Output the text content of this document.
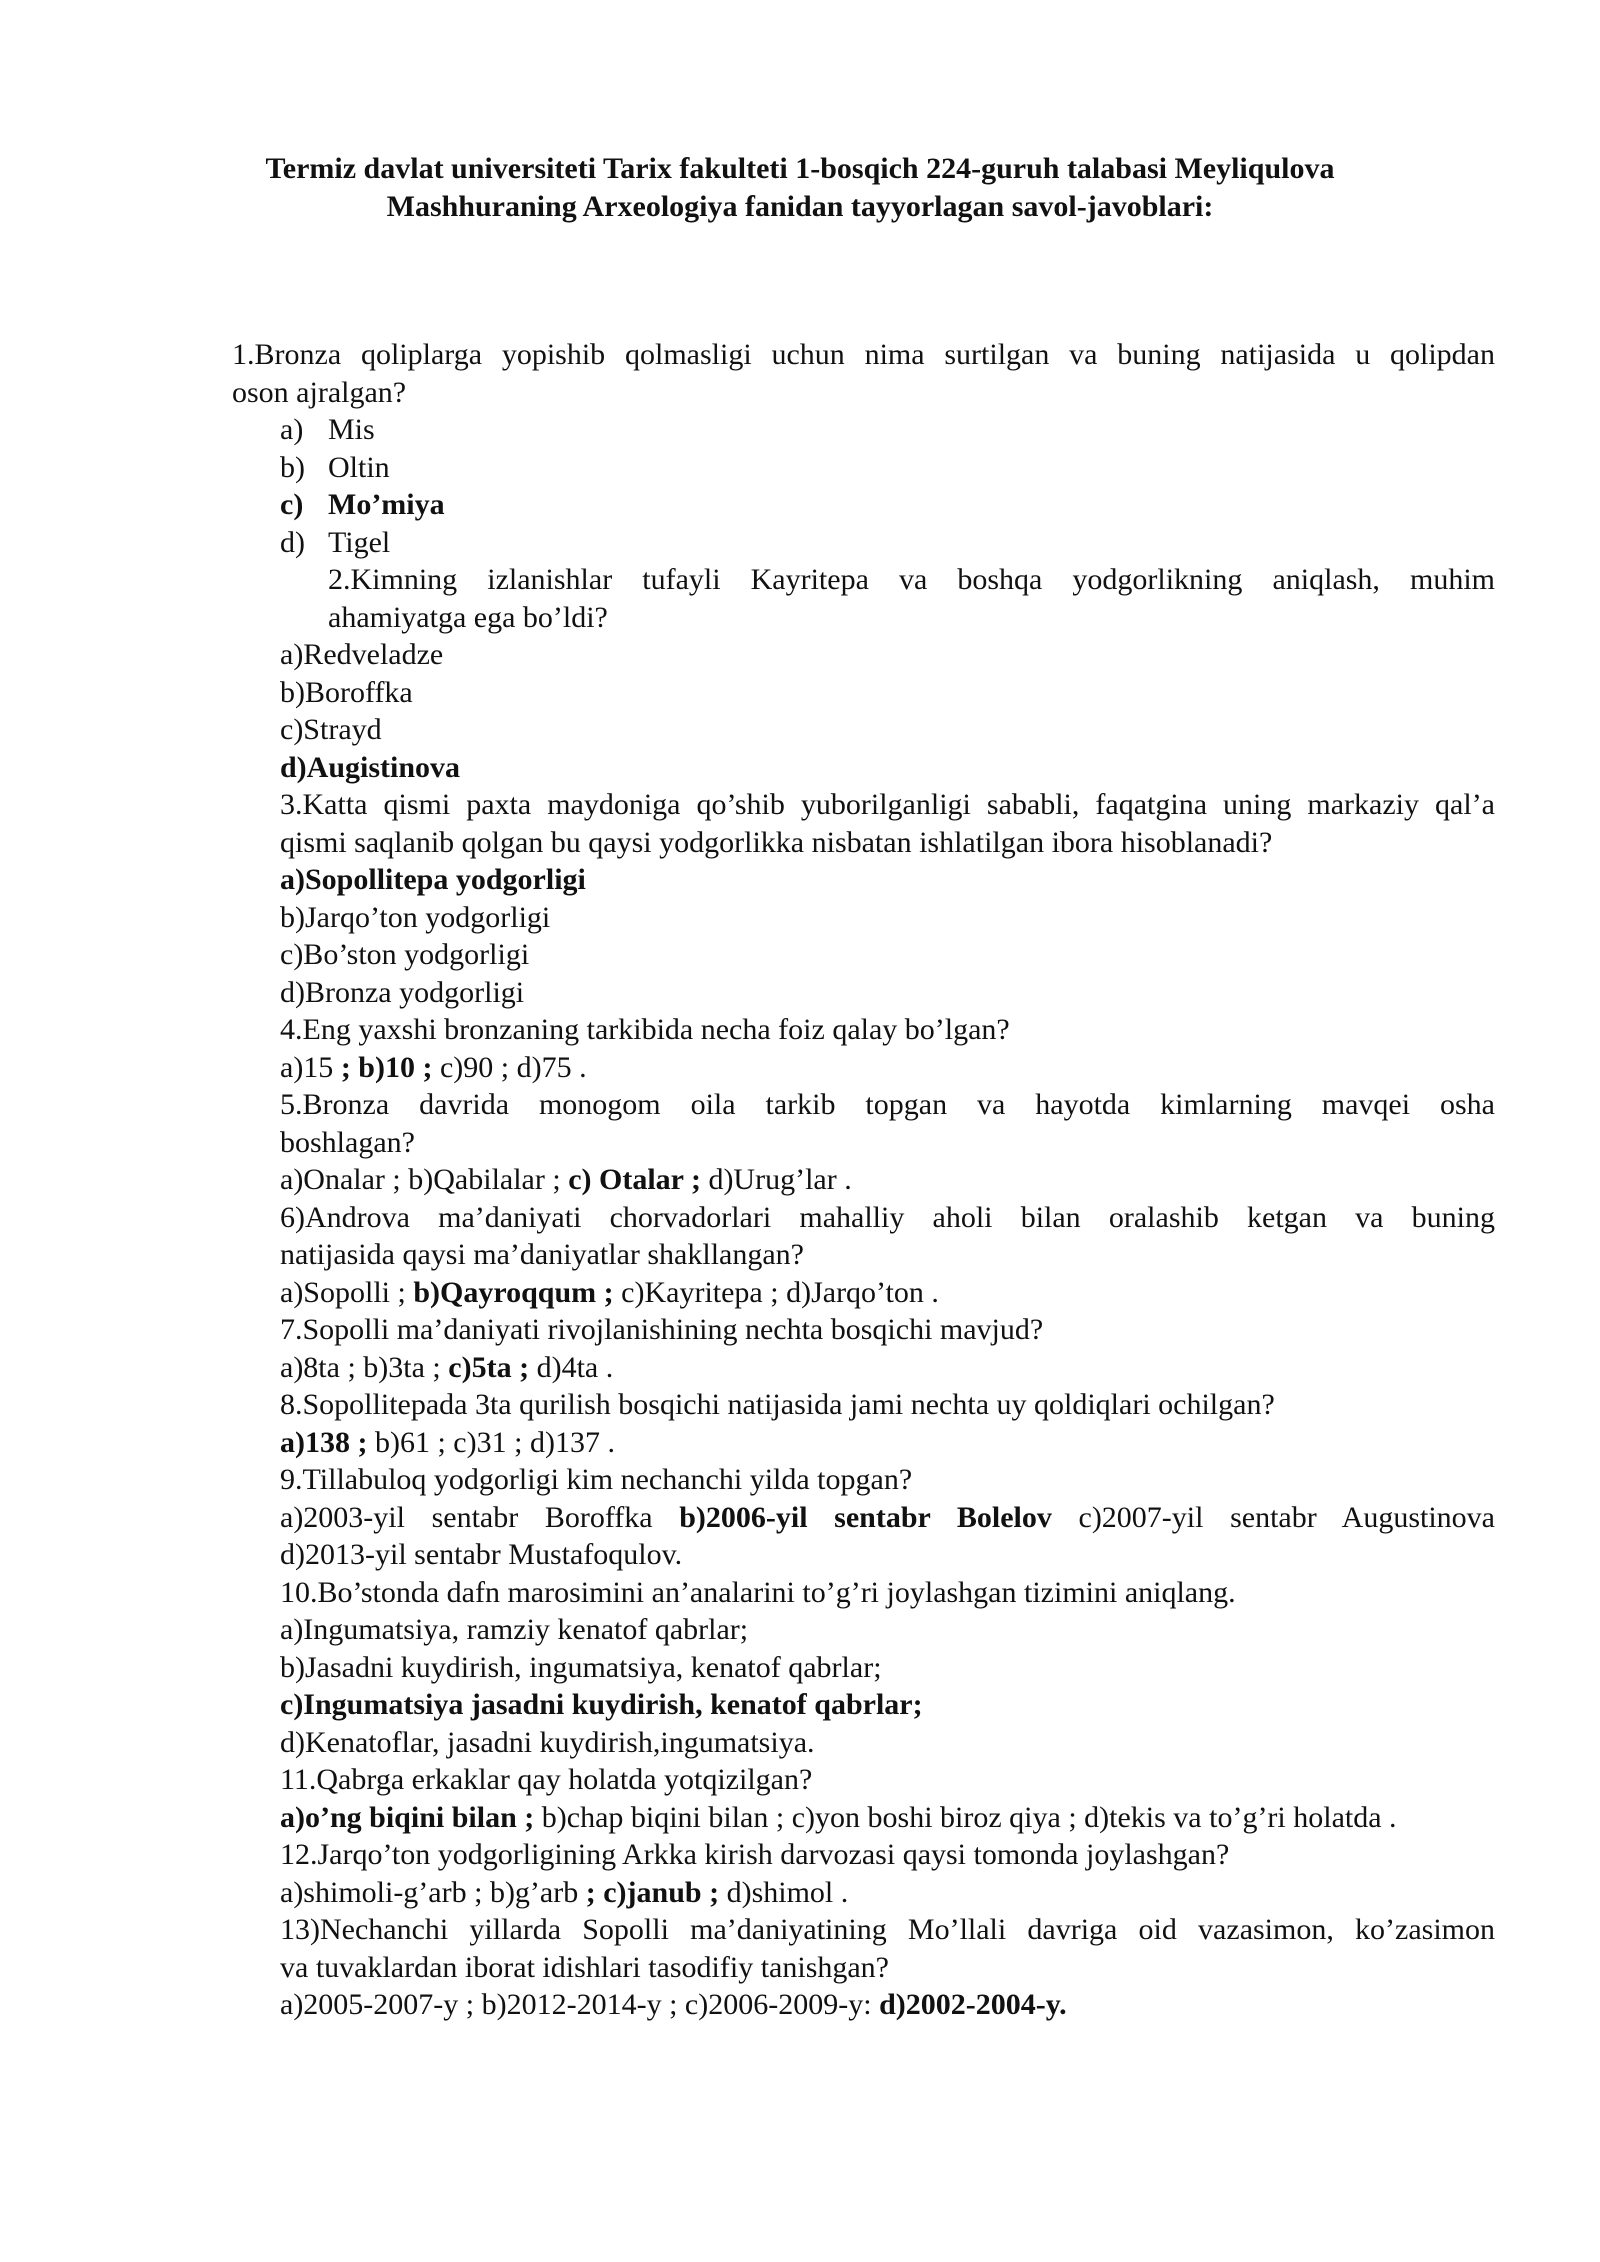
Termiz davlat universiteti Tarix fakulteti 1-bosqich 224-guruh talabasi Meyliqulova
Mashhuraning Arxeologiya fanidan tayyorlagan savol-javoblari:

1.Bronza qoliplarga yopishib qolmasligi uchun nima surtilgan va buning natijasida u qolipdan

oson ajralgan?

a) Mis
b) Oltin
c) Mo’miya
d) Tigel

2.Kimning izlanishlar tufayli Kayritepa va boshqa yodgorlikning aniqlash, muhim

ahamiyatga ega bo’ldi?

a)Redveladze

b)Boroffka

c)Strayd

d)Augistinova

3.Katta qismi paxta maydoniga qo’shib yuborilganligi sababli, faqatgina uning markaziy qal’a

qismi saqlanib qolgan bu qaysi yodgorlikka nisbatan ishlatilgan ibora hisoblanadi?

a)Sopollitepa yodgorligi

b)Jarqo’ton yodgorligi

c)Bo’ston yodgorligi

d)Bronza yodgorligi

4.Eng yaxshi bronzaning tarkibida necha foiz qalay bo’lgan?

a)15 ; b)10 ; c)90 ; d)75 .

5.Bronza davrida monogom oila tarkib topgan va hayotda kimlarning mavqei osha

boshlagan?

a)Onalar ; b)Qabilalar ; c) Otalar ; d)Urug’lar .

6)Androva ma’daniyati chorvadorlari mahalliy aholi bilan oralashib ketgan va buning

natijasida qaysi ma’daniyatlar shakllangan?

a)Sopolli ; b)Qayroqqum ; c)Kayritepa ; d)Jarqo’ton .

7.Sopolli ma’daniyati rivojlanishining nechta bosqichi mavjud?

a)8ta ; b)3ta ; c)5ta ; d)4ta .

8.Sopollitepada 3ta qurilish bosqichi natijasida jami nechta uy qoldiqlari ochilgan?

a)138 ; b)61 ; c)31 ; d)137 .

9.Tillabuloq yodgorligi kim nechanchi yilda topgan?

a)2003-yil sentabr Boroffka b)2006-yil sentabr Bolelov c)2007-yil sentabr Augustinova

d)2013-yil sentabr Mustafoqulov.

10.Bo’stonda dafn marosimini an’analarini to’g’ri joylashgan tizimini aniqlang.

a)Ingumatsiya, ramziy kenatof qabrlar;

b)Jasadni kuydirish, ingumatsiya, kenatof qabrlar;

c)Ingumatsiya jasadni kuydirish, kenatof qabrlar;

d)Kenatoflar, jasadni kuydirish,ingumatsiya.

11.Qabrga erkaklar qay holatda yotqizilgan?

a)o’ng biqini bilan ; b)chap biqini bilan ; c)yon boshi biroz qiya ; d)tekis va to’g’ri holatda .

12.Jarqo’ton yodgorligining Arkka kirish darvozasi qaysi tomonda joylashgan?

a)shimoli-g’arb ; b)g’arb ; c)janub ; d)shimol .

13)Nechanchi yillarda Sopolli ma’daniyatining Mo’llali davriga oid vazasimon, ko’zasimon

va tuvaklardan iborat idishlari tasodifiy tanishgan?

a)2005-2007-y ; b)2012-2014-y ; c)2006-2009-y: d)2002-2004-y.
